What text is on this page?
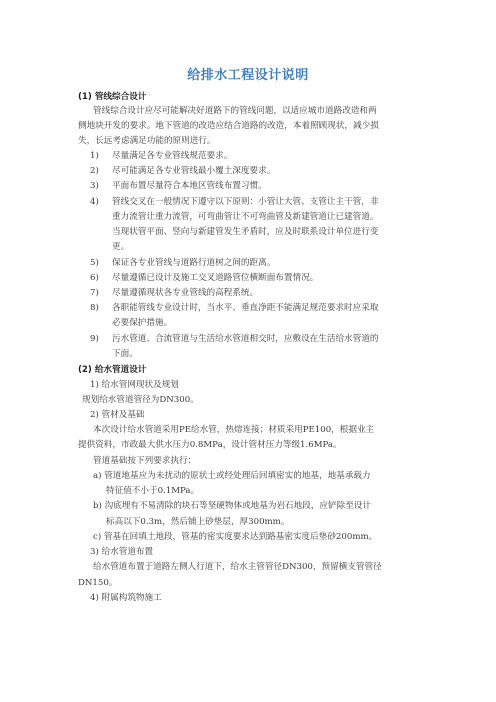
给排水工程设计说明
(1) 管线综合设计
管线综合设计应尽可能解决好道路下的管线问题，以适应城市道路改造和两
侧地块开发的要求。地下管道的改造应结合道路的改造，本着照顾现状，减少损
失，长远考虑满足功能的原则进行。
1) 尽量满足各专业管线规范要求。
2) 尽可能满足各专业管线最小覆土深度要求。
3) 平面布置尽量符合本地区管线布置习惯。
4) 管线交叉在一般情况下遵守以下原则：小管让大管、支管让主干管，非
重力流管让重力流管，可弯曲管让不可弯曲管及新建管道让已建管道。
当现状管平面、竖向与新建管发生矛盾时，应及时联系设计单位进行变
更。
5) 保证各专业管线与道路行道树之间的距离。
6) 尽量遵循已设计及施工交叉道路管位横断面布置情况。
7) 尽量遵循现状各专业管线的高程系统。
8) 各职能管线专业设计时，当水平、垂直净距不能满足规范要求时应采取
必要保护措施。
9) 污水管道、合流管道与生活给水管道相交时，应敷设在生活给水管道的
下面。
(2) 给水管道设计
1) 给水管网现状及规划
规划给水管道管径为DN300。
2) 管材及基础
本次设计给水管道采用PE给水管，热熔连接；材质采用PE100，根据业主
提供资料，市政最大供水压力0.8MPa，设计管材压力等级1.6MPa。
管道基础按下列要求执行：
a) 管道地基应为未扰动的原状土或经处理后回填密实的地基，地基承载力
特征值不小于0.1MPa。
b) 沟底埋有不易清除的块石等坚硬物体或地基为岩石地段，应铲除至设计
标高以下0.3m，然后铺上砂垫层，厚300mm。
c) 管基在回填土地段，管基的密实度要求达到路基密实度后垫砂200mm。
3) 给水管道布置
给水管道布置于道路左侧人行道下，给水主管管径DN300，预留横支管管径
DN150。
4) 附属构筑物施工
